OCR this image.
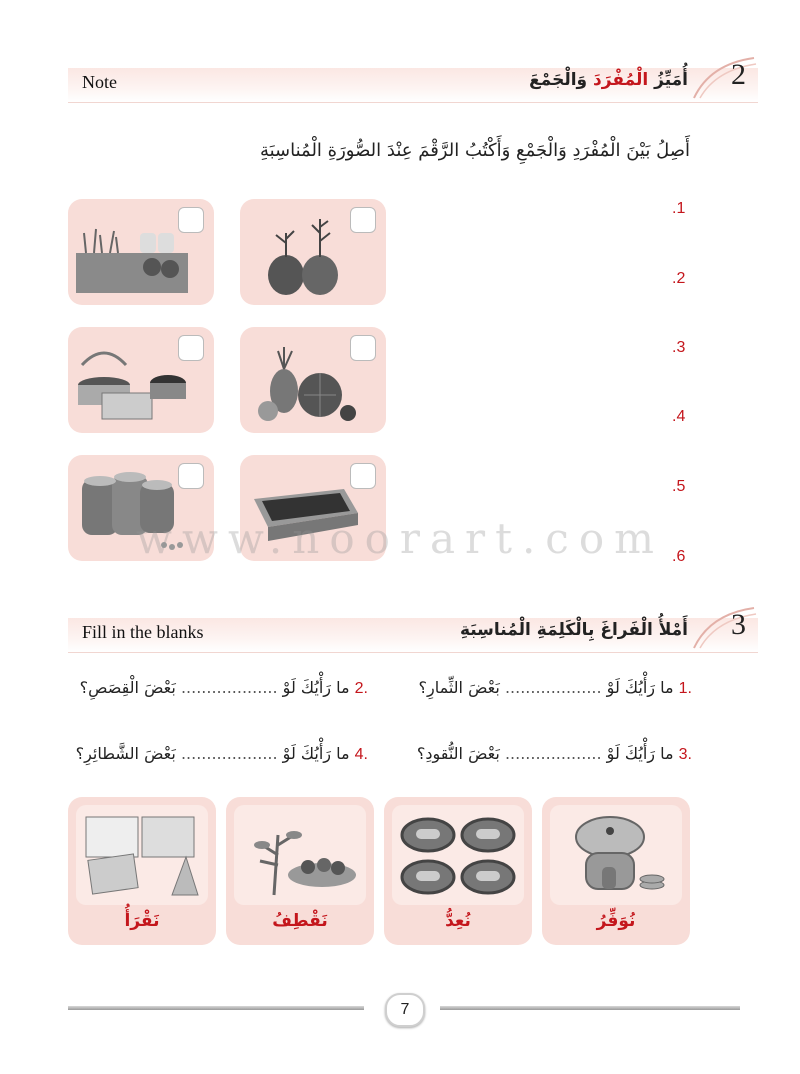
Note	أُمَيِّزُ الْمُفْرَدَ وَالْجَمْعَ	2
أَصِلُ بَيْنَ الْمُفْرَدِ وَالْجَمْعِ وَأَكْتُبُ الرَّقْمَ عِنْدَ الصُّورَةِ الْمُناسِبَةِ
.1
.2
.3
.4
.5
.6
www.noorart.com
Fill in the blanks	أَمْلأُ الْفَراغَ بِالْكَلِمَةِ الْمُناسِبَةِ 3
.1 ما رَأْيُكَ لَوْ ................... بَعْضَ الثِّمارِ؟
.2 ما رَأْيُكَ لَوْ ................... بَعْضَ الْقِصَصِ؟
.3 ما رَأْيُكَ لَوْ ................... بَعْضَ النُّقودِ؟
.4 ما رَأْيُكَ لَوْ ................... بَعْضَ الشَّطائِرِ؟
نَقْرَأُ	نَقْطِفُ	نُعِدُّ	نُوَفِّرُ
7
